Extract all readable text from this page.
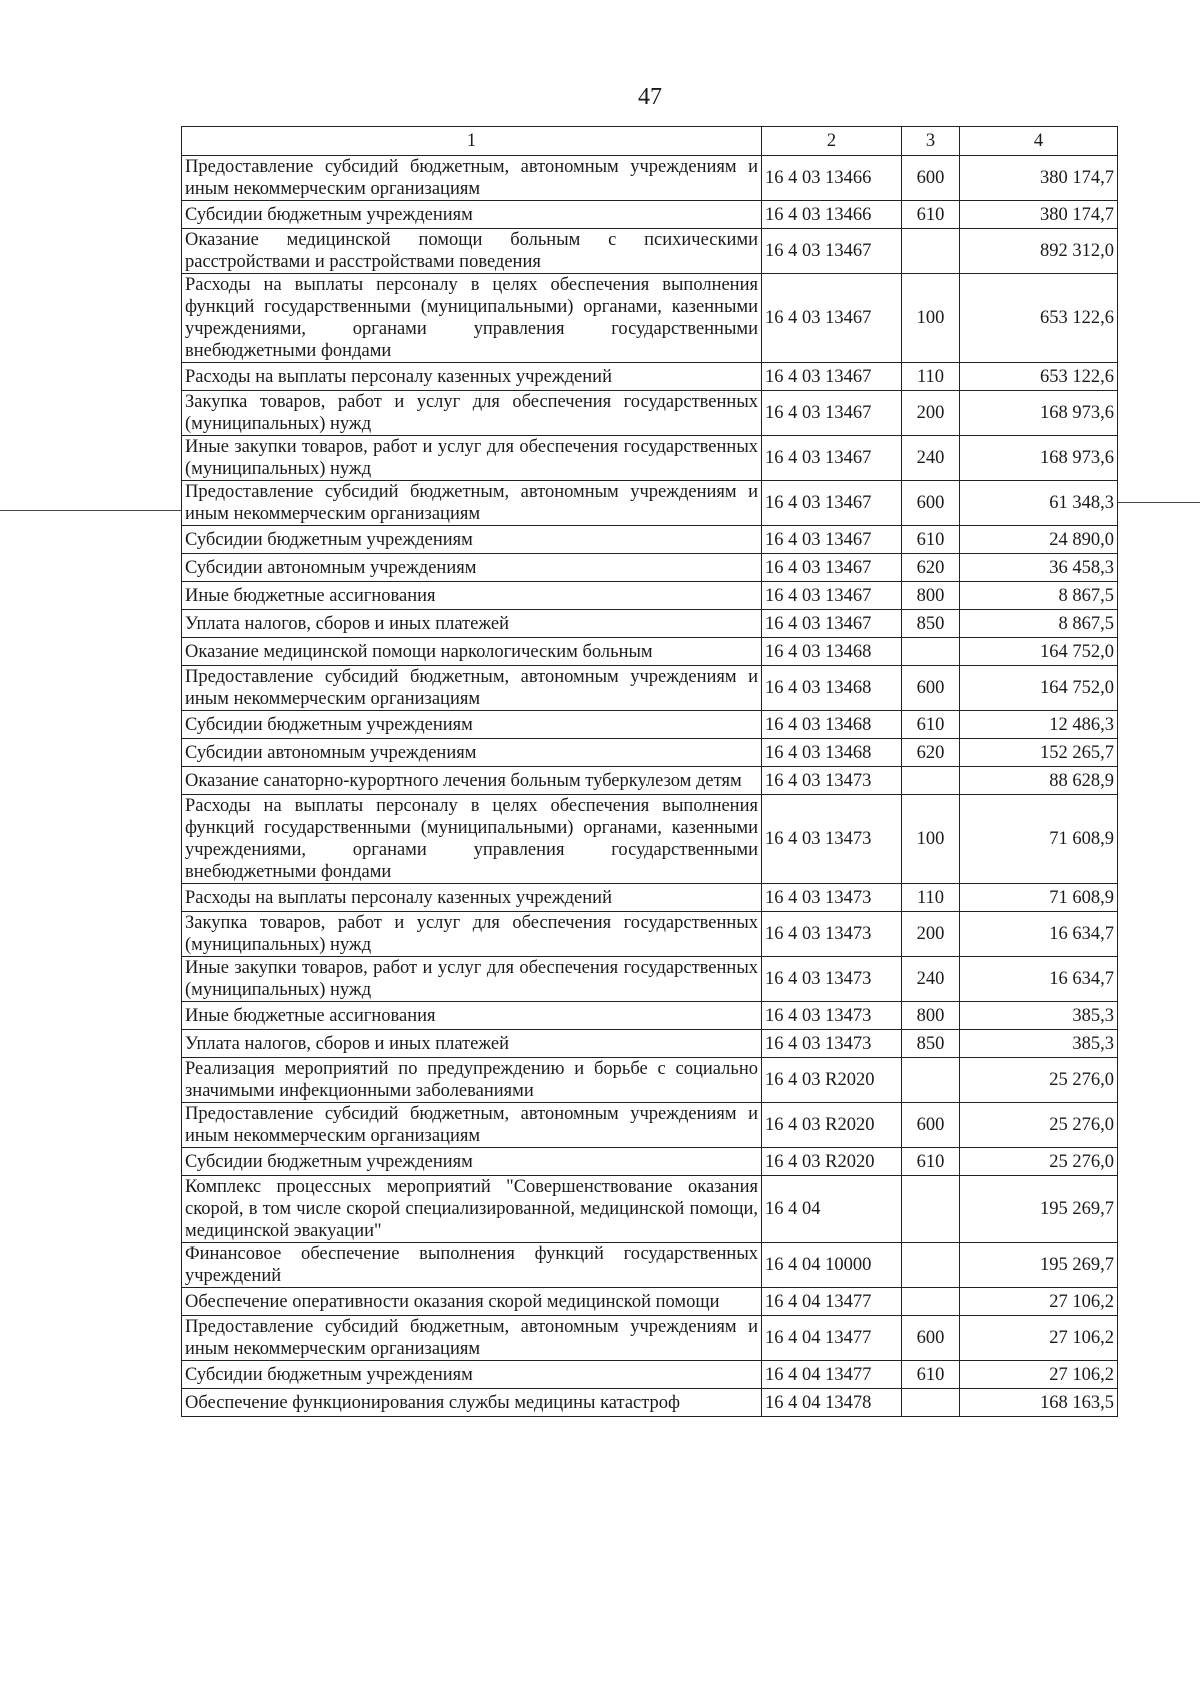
47
1	2	3	4
Предоставление субсидий бюджетным, автономным учреждениям и иным некоммерческим организациям	16 4 03 13466	600	380 174,7
Субсидии бюджетным учреждениям	16 4 03 13466	610	380 174,7
Оказание медицинской помощи больным с психическими расстройствами и расстройствами поведения	16 4 03 13467		892 312,0
Расходы на выплаты персоналу в целях обеспечения выполнения функций государственными (муниципальными) органами, казенными учреждениями, органами управления государственными внебюджетными фондами	16 4 03 13467	100	653 122,6
Расходы на выплаты персоналу казенных учреждений	16 4 03 13467	110	653 122,6
Закупка товаров, работ и услуг для обеспечения государственных (муниципальных) нужд	16 4 03 13467	200	168 973,6
Иные закупки товаров, работ и услуг для обеспечения государственных (муниципальных) нужд	16 4 03 13467	240	168 973,6
Предоставление субсидий бюджетным, автономным учреждениям и иным некоммерческим организациям	16 4 03 13467	600	61 348,3
Субсидии бюджетным учреждениям	16 4 03 13467	610	24 890,0
Субсидии автономным учреждениям	16 4 03 13467	620	36 458,3
Иные бюджетные ассигнования	16 4 03 13467	800	8 867,5
Уплата налогов, сборов и иных платежей	16 4 03 13467	850	8 867,5
Оказание медицинской помощи наркологическим больным	16 4 03 13468		164 752,0
Предоставление субсидий бюджетным, автономным учреждениям и иным некоммерческим организациям	16 4 03 13468	600	164 752,0
Субсидии бюджетным учреждениям	16 4 03 13468	610	12 486,3
Субсидии автономным учреждениям	16 4 03 13468	620	152 265,7
Оказание санаторно-курортного лечения больным туберкулезом детям	16 4 03 13473		88 628,9
Расходы на выплаты персоналу в целях обеспечения выполнения функций государственными (муниципальными) органами, казенными учреждениями, органами управления государственными внебюджетными фондами	16 4 03 13473	100	71 608,9
Расходы на выплаты персоналу казенных учреждений	16 4 03 13473	110	71 608,9
Закупка товаров, работ и услуг для обеспечения государственных (муниципальных) нужд	16 4 03 13473	200	16 634,7
Иные закупки товаров, работ и услуг для обеспечения государственных (муниципальных) нужд	16 4 03 13473	240	16 634,7
Иные бюджетные ассигнования	16 4 03 13473	800	385,3
Уплата налогов, сборов и иных платежей	16 4 03 13473	850	385,3
Реализация мероприятий по предупреждению и борьбе с социально значимыми инфекционными заболеваниями	16 4 03 R2020		25 276,0
Предоставление субсидий бюджетным, автономным учреждениям и иным некоммерческим организациям	16 4 03 R2020	600	25 276,0
Субсидии бюджетным учреждениям	16 4 03 R2020	610	25 276,0
Комплекс процессных мероприятий "Совершенствование оказания скорой, в том числе скорой специализированной, медицинской помощи, медицинской эвакуации"	16 4 04		195 269,7
Финансовое обеспечение выполнения функций государственных учреждений	16 4 04 10000		195 269,7
Обеспечение оперативности оказания скорой медицинской помощи	16 4 04 13477		27 106,2
Предоставление субсидий бюджетным, автономным учреждениям и иным некоммерческим организациям	16 4 04 13477	600	27 106,2
Субсидии бюджетным учреждениям	16 4 04 13477	610	27 106,2
Обеспечение функционирования службы медицины катастроф	16 4 04 13478		168 163,5
